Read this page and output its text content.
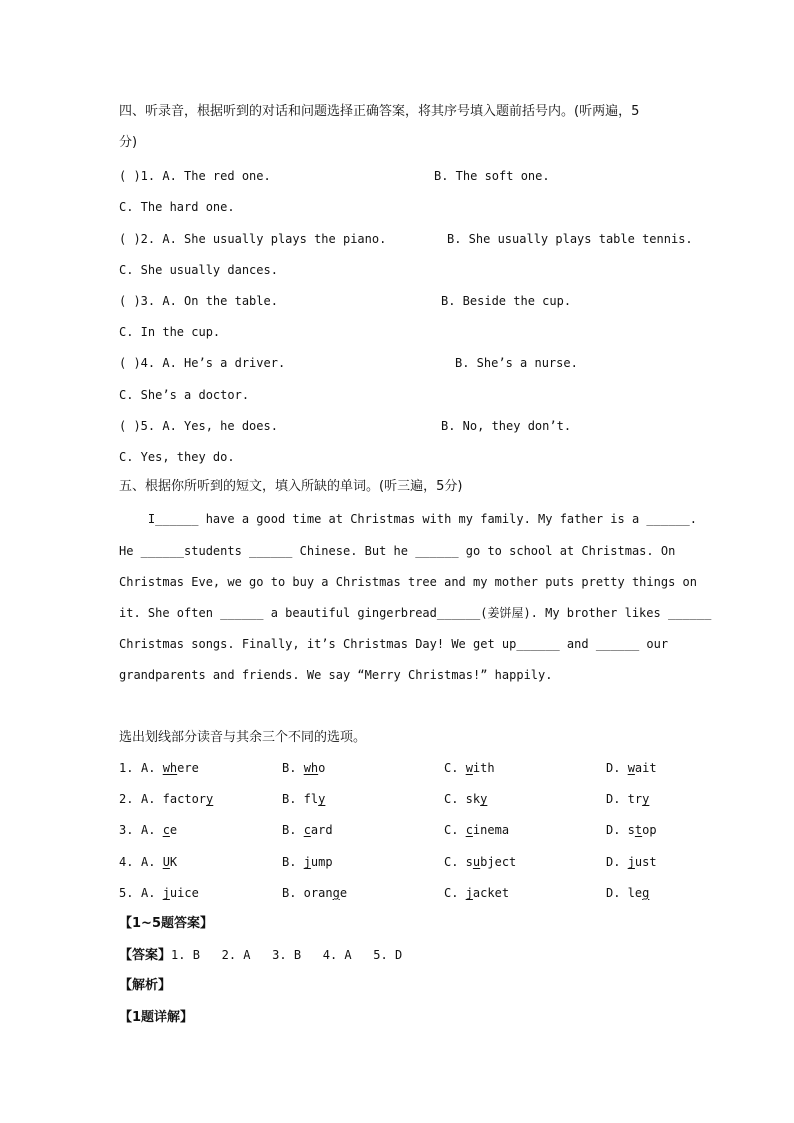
四、听录音，根据听到的对话和问题选择正确答案，将其序号填入题前括号内。(听两遍，5
分)
( )1. A. The red one.	B. The soft one.
C. The hard one.
( )2. A. She usually plays the piano.	B. She usually plays table tennis.
C. She usually dances.
( )3. A. On the table.	B. Beside the cup.
C. In the cup.
( )4. A. He’s a driver.	B. She’s a nurse.
C. She’s a doctor.
( )5. A. Yes, he does.	B. No, they don’t.
C. Yes, they do.
五、根据你所听到的短文，填入所缺的单词。(听三遍，5分)
I______ have a good time at Christmas with my family. My father is a ______.
He ______students ______ Chinese. But he ______ go to school at Christmas. On
Christmas Eve, we go to buy a Christmas tree and my mother puts pretty things on
it. She often ______ a beautiful gingerbread______(姜饼屋). My brother likes ______
Christmas songs. Finally, it’s Christmas Day! We get up______ and ______ our
grandparents and friends. We say “Merry Christmas!” happily.
选出划线部分读音与其余三个不同的选项。
1. A. where	B. who	C. with	D. wait
2. A. factory	B. fly	C. sky	D. try
3. A. ce	B. card	C. cinema	D. stop
4. A. UK	B. jump	C. subject	D. just
5. A. juice	B. orange	C. jacket	D. leg
【1~5题答案】
【答案】1. B   2. A   3. B   4. A   5. D
【解析】
【1题详解】
